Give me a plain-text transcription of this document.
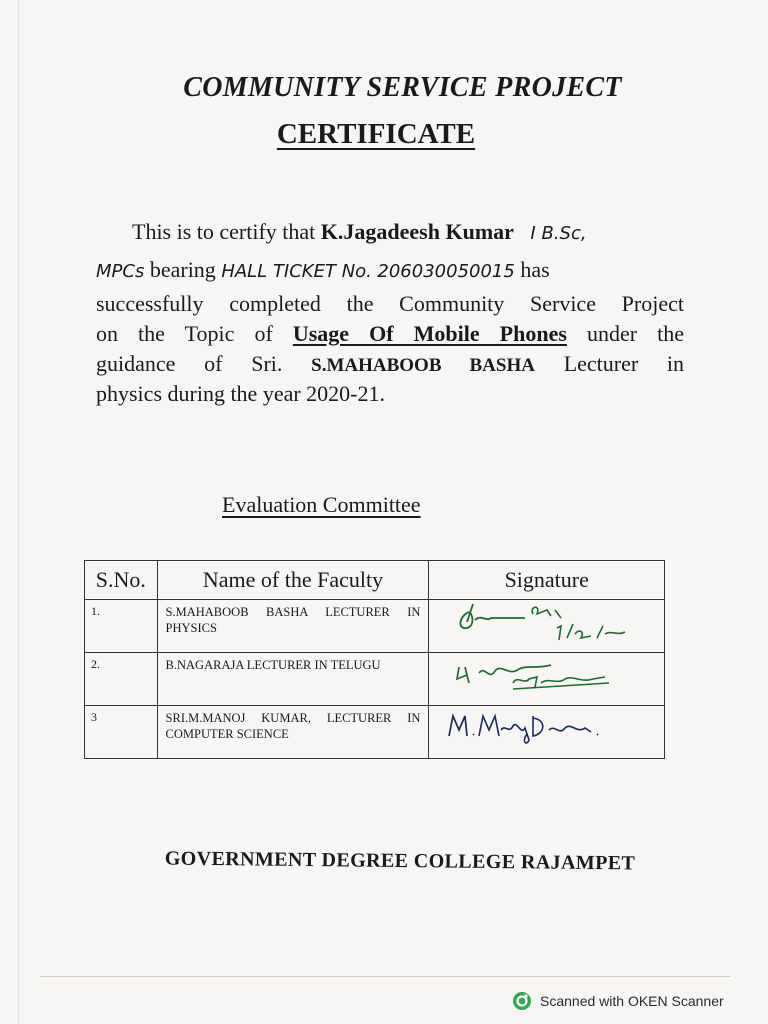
COMMUNITY SERVICE PROJECT
CERTIFICATE
This is to certify that K.Jagadeesh Kumar I B.Sc,
MPCs bearing HALL TICKET No. 206030050015 has
successfully completed the Community Service Project
on the Topic of Usage Of Mobile Phones under the
guidance of Sri. S.MAHABOOB BASHA Lecturer in
physics during the year 2020-21.
Evaluation Committee
S.No.	Name of the Faculty	Signature
1.	S.MAHABOOB BASHA LECTURER IN PHYSICS	

2.	B.NAGARAJA LECTURER IN TELUGU	

3	SRI.M.MANOJ KUMAR, LECTURER IN COMPUTER SCIENCE	
GOVERNMENT DEGREE COLLEGE RAJAMPET
Scanned with OKEN Scanner
